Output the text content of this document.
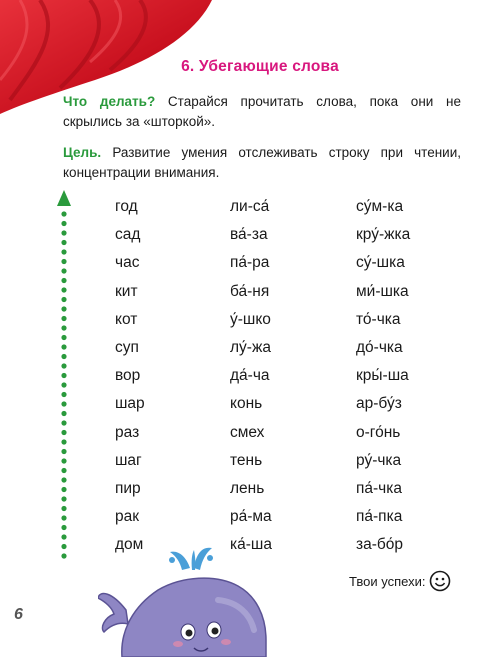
6. Убегающие слова
Что делать? Старайся прочитать слова, пока они не скрылись за «шторкой».
Цель. Развитие умения отслеживать строку при чтении, концентрации внимания.
год
сад
час
кит
кот
суп
вор
шар
раз
шаг
пир
рак
дом
ли-са́
ва́-за
па́-ра
ба́-ня
у́-шко
лу́-жа
да́-ча
конь
смех
тень
лень
ра́-ма
ка́-ша
су́м-ка
кру́-жка
су́-шка
ми́-шка
то́-чка
до́-чка
кры́-ша
ар-бу́з
о-го́нь
ру́-чка
па́-чка
па́-пка
за-бо́р
Твои успехи:
6
